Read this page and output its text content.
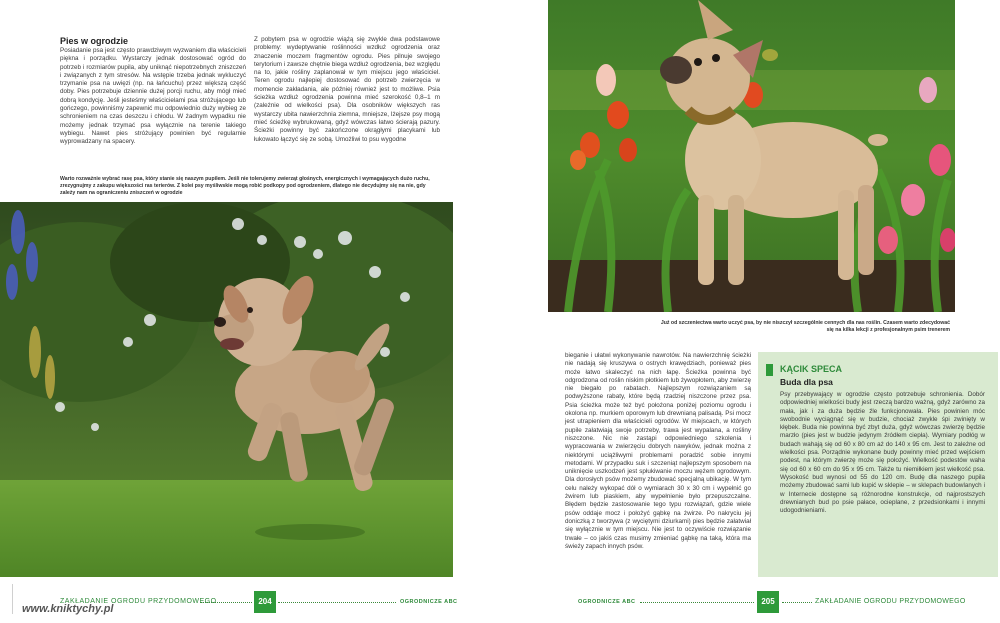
Pies w ogrodzie
Posiadanie psa jest często prawdziwym wyzwaniem dla właścicieli piękna i porządku. Wystarczy jednak dostosować ogród do potrzeb i rozmiarów pupila, aby uniknąć niepotrzebnych zniszczeń i związanych z tym stresów. Na wstępie trzeba jednak wykluczyć trzymanie psa na uwięzi (np. na łańcuchu) przez większą część doby. Pies potrzebuje dziennie dużej porcji ruchu, aby mógł mieć dobrą kondycję. Jeśli jesteśmy właścicielami psa stróżującego lub gończego, powinniśmy zapewnić mu odpowiednio duży wybieg ze schronieniem na czas deszczu i chłodu. W żadnym wypadku nie możemy jednak trzymać psa wyłącznie na terenie takiego wybiegu. Nawet pies stróżujący powinien być regularnie wyprowadzany na spacery.
Z pobytem psa w ogrodzie wiążą się zwykle dwa podstawowe problemy: wydeptywanie roślinności wzdłuż ogrodzenia oraz znaczenie moczem fragmentów ogrodu. Pies pilnuje swojego terytorium i zawsze chętnie biega wzdłuż ogrodzenia, bez względu na to, jakie rośliny zaplanował w tym miejscu jego właściciel. Teren ogrodu najlepiej dostosować do potrzeb zwierzęcia w momencie zakładania, ale później również jest to możliwe. Psia ścieżka wzdłuż ogrodzenia powinna mieć szerokość 0,8–1 m (zależnie od wielkości psa). Dla osobników większych ras wystarczy ubita nawierzchnia ziemna, mniejsze, lżejsze psy mogą mieć ścieżkę wybrukowaną, gdyż wówczas łatwo ścierają pazury. Ścieżki powinny być zakończone okrągłymi placykami lub łukowato łączyć się ze sobą. Umożliwi to psu wygodne
Warto rozważnie wybrać rasę psa, który stanie się naszym pupilem. Jeśli nie tolerujemy zwierząt głośnych, energicznych i wymagających dużo ruchu, zrezygnujmy z zakupu większości ras terierów. Z kolei psy myśliwskie mogą robić podkopy pod ogrodzeniem, dlatego nie decydujmy się na nie, gdy zależy nam na ograniczeniu zniszczeń w ogrodzie
ZAKŁADANIE OGRODU PRZYDOMOWEGO	204	OGRODNICZE ABC
www.kniktychy.pl
Już od szczeniectwa warto uczyć psa, by nie niszczył szczególnie cennych dla nas roślin. Czasem warto zdecydować się na kilka lekcji z profesjonalnym psim trenerem
bieganie i ułatwi wykonywanie nawrotów. Na nawierzchnię ścieżki nie nadają się kruszywa o ostrych krawędziach, ponieważ pies może łatwo skaleczyć na nich łapę. Ścieżka powinna być odgrodzona od roślin niskim płotkiem lub żywopłotem, aby zwierzę nie biegało po rabatach. Najlepszym rozwiązaniem są podwyższone rabaty, które będą rzadziej niszczone przez psa. Psia ścieżka może też być położona poniżej poziomu ogrodu i okolona np. murkiem oporowym lub drewnianą palisadą. Psi mocz jest utrapieniem dla właścicieli ogrodów. W miejscach, w których pupile załatwiają swoje potrzeby, trawa jest wypalana, a rośliny niszczone. Nic nie zastąpi odpowiedniego szkolenia i wypracowania w zwierzęciu dobrych nawyków, jednak można z niektórymi uciążliwymi problemami poradzić sobie innymi metodami. W przypadku suk i szczeniąt najlepszym sposobem na uniknięcie uszkodzeń jest spłukiwanie moczu wężem ogrodowym. Dla dorosłych psów możemy zbudować specjalną ubikację. W tym celu należy wykopać dół o wymiarach 30 x 30 cm i wypełnić go żwirem lub piaskiem, aby wypełnienie było przepuszczalne. Błędem będzie zastosowanie tego typu rozwiązań, gdzie wiele psów oddaje mocz i położyć gąbkę na żwirze. Po nakryciu jej doniczką z tworzywa (z wyciętymi dziurkami) pies będzie załatwiał się wyłącznie w tym miejscu. Nie jest to oczywiście rozwiązanie trwałe – co jakiś czas musimy zmieniać gąbkę na taką, która ma świeży zapach innych psów.
KĄCIK SPECA
Buda dla psa
Psy przebywający w ogrodzie często potrzebuje schronienia. Dobór odpowiedniej wielkości budy jest rzeczą bardzo ważną, gdyż zarówno za mała, jak i za duża będzie źle funkcjonowała. Pies powinien móc swobodnie wyciągnąć się w budzie, chociaż zwykle śpi zwinięty w kłębek. Buda nie powinna być zbyt duża, gdyż wówczas zwierzę będzie marzło (pies jest w budzie jedynym źródłem ciepła). Wymiary podłóg w budach wahają się od 60 x 80 cm aż do 140 x 95 cm. Jest to zależne od wielkości psa. Porządnie wykonane budy powinny mieć przed wejściem podest, na którym zwierzę może się położyć. Wielkość podestów waha się od 60 x 60 cm do 95 x 95 cm. Także tu niemiłkiem jest wielkość psa. Wysokość bud wynosi od 55 do 120 cm. Budę dla naszego pupila możemy zbudować sami lub kupić w sklepie – w sklepach budowlanych i w Internecie dostępne są różnorodne konstrukcje, od najprostszych drewnianych bud po psie pałace, ocieplane, z przedsionkami i innymi udogodnieniami.
OGRODNICZE ABC	205	ZAKŁADANIE OGRODU PRZYDOMOWEGO
